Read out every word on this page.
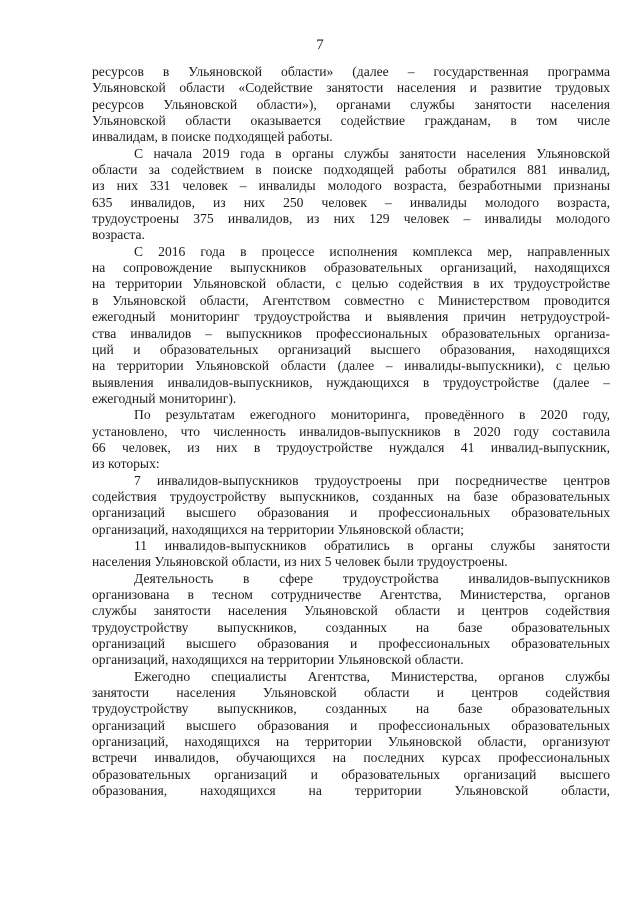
7
ресурсов в Ульяновской области» (далее – государственная программа
Ульяновской области «Содействие занятости населения и развитие трудовых
ресурсов Ульяновской области»), органами службы занятости населения
Ульяновской области оказывается содействие гражданам, в том числе
инвалидам, в поиске подходящей работы.
С начала 2019 года в органы службы занятости населения Ульяновской
области за содействием в поиске подходящей работы обратился 881 инвалид,
из них 331 человек – инвалиды молодого возраста, безработными признаны
635 инвалидов, из них 250 человек – инвалиды молодого возраста,
трудоустроены 375 инвалидов, из них 129 человек – инвалиды молодого
возраста.
С 2016 года в процессе исполнения комплекса мер, направленных
на сопровождение выпускников образовательных организаций, находящихся
на территории Ульяновской области, с целью содействия в их трудоустройстве
в Ульяновской области, Агентством совместно с Министерством проводится
ежегодный мониторинг трудоустройства и выявления причин нетрудоустрой-
ства инвалидов – выпускников профессиональных образовательных организа-
ций и образовательных организаций высшего образования, находящихся
на территории Ульяновской области (далее – инвалиды-выпускники), с целью
выявления инвалидов-выпускников, нуждающихся в трудоустройстве (далее –
ежегодный мониторинг).
По результатам ежегодного мониторинга, проведённого в 2020 году,
установлено, что численность инвалидов-выпускников в 2020 году составила
66 человек, из них в трудоустройстве нуждался 41 инвалид-выпускник,
из которых:
7 инвалидов-выпускников трудоустроены при посредничестве центров
содействия трудоустройству выпускников, созданных на базе образовательных
организаций высшего образования и профессиональных образовательных
организаций, находящихся на территории Ульяновской области;
11 инвалидов-выпускников обратились в органы службы занятости
населения Ульяновской области, из них 5 человек были трудоустроены.
Деятельность в сфере трудоустройства инвалидов-выпускников
организована в тесном сотрудничестве Агентства, Министерства, органов
службы занятости населения Ульяновской области и центров содействия
трудоустройству выпускников, созданных на базе образовательных
организаций высшего образования и профессиональных образовательных
организаций, находящихся на территории Ульяновской области.
Ежегодно специалисты Агентства, Министерства, органов службы
занятости населения Ульяновской области и центров содействия
трудоустройству выпускников, созданных на базе образовательных
организаций высшего образования и профессиональных образовательных
организаций, находящихся на территории Ульяновской области, организуют
встречи инвалидов, обучающихся на последних курсах профессиональных
образовательных организаций и образовательных организаций высшего
образования, находящихся на территории Ульяновской области,
